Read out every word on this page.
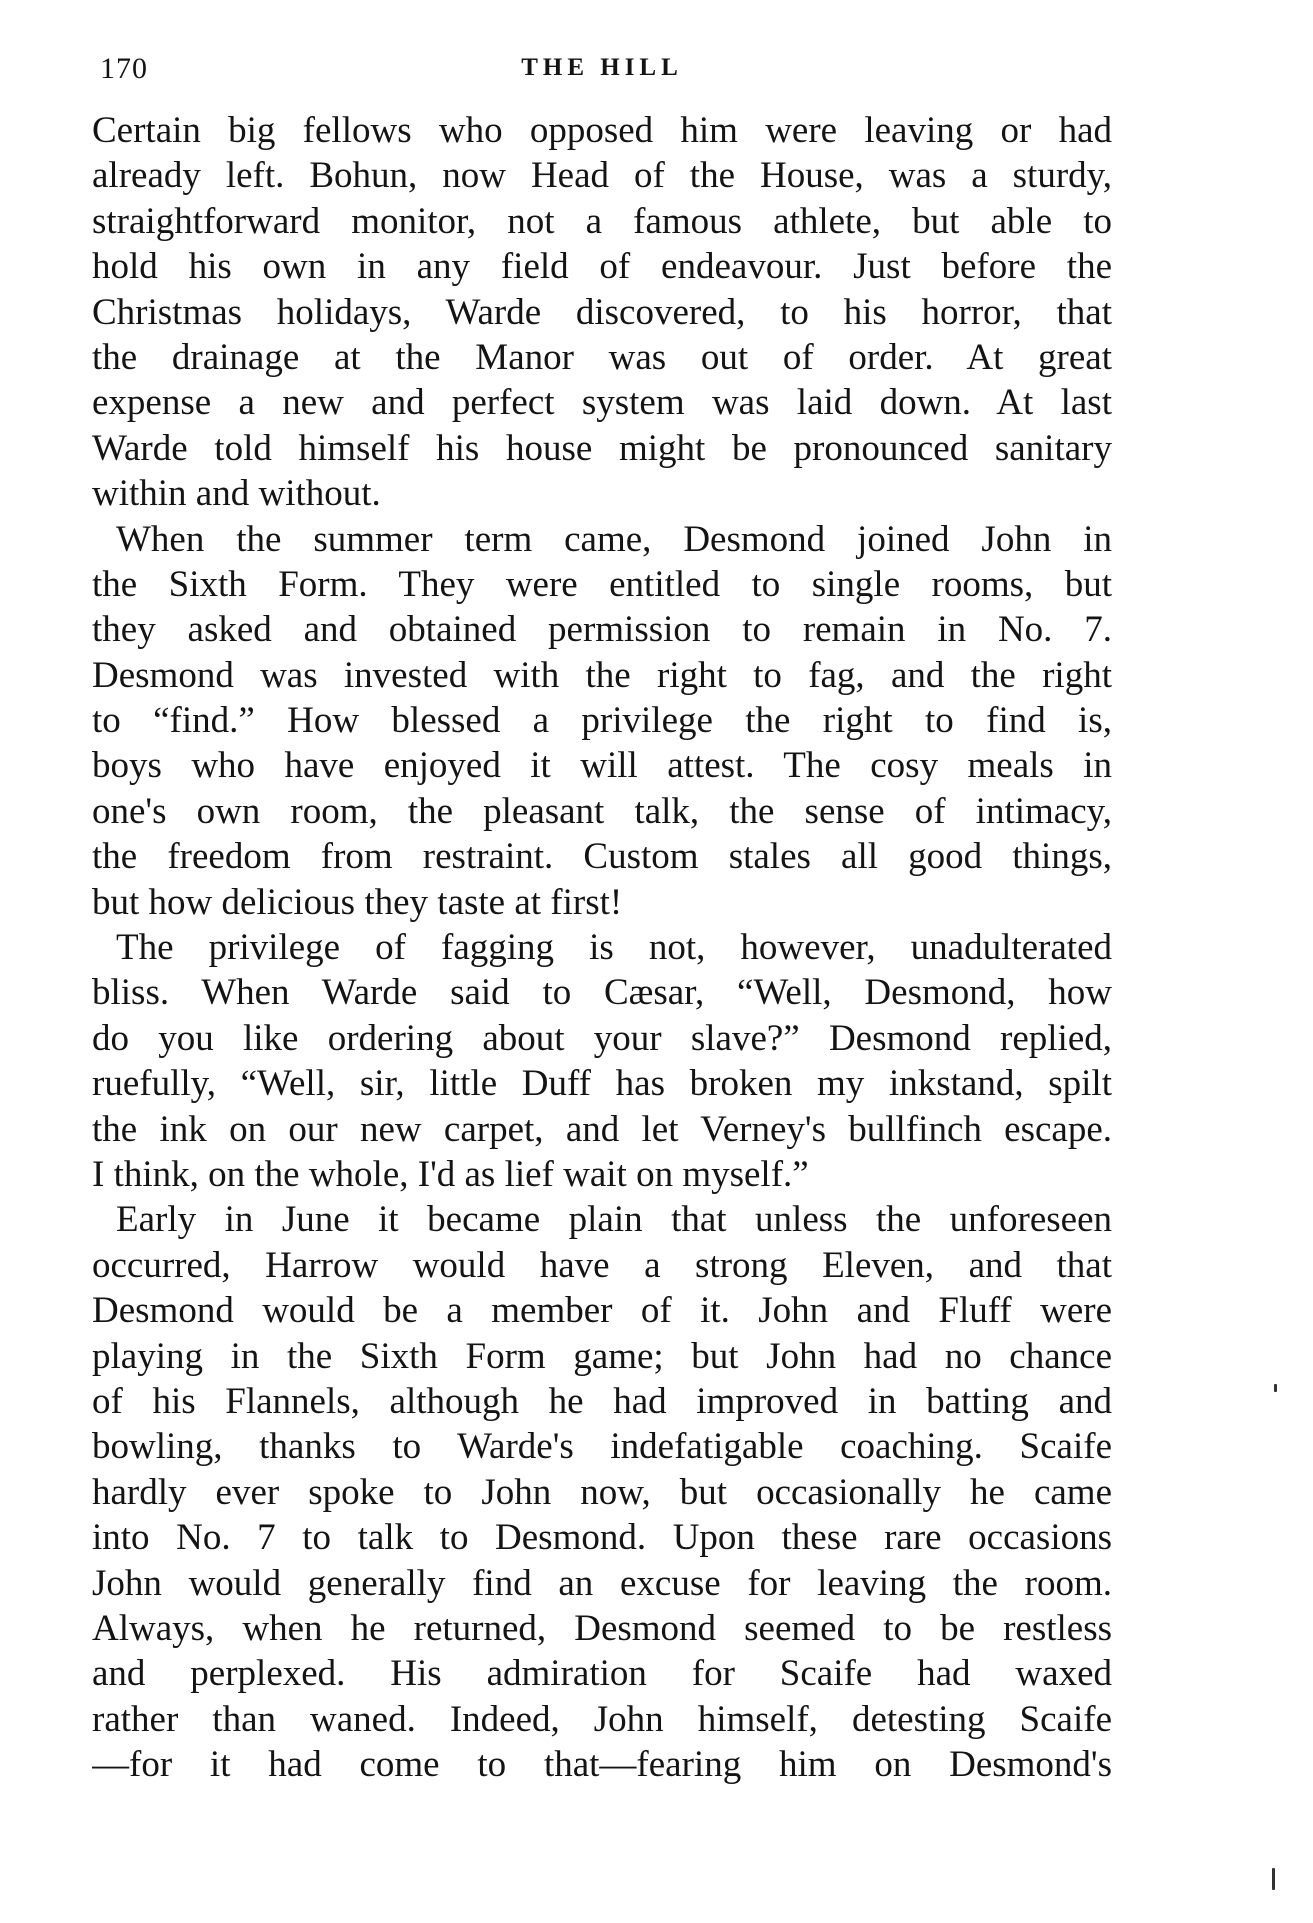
170	THE HILL
Certain big fellows who opposed him were leaving or had
already left. Bohun, now Head of the House, was a sturdy,
straightforward monitor, not a famous athlete, but able to
hold his own in any field of endeavour. Just before the
Christmas holidays, Warde discovered, to his horror, that
the drainage at the Manor was out of order. At great
expense a new and perfect system was laid down. At last
Warde told himself his house might be pronounced sanitary
within and without.
When the summer term came, Desmond joined John in
the Sixth Form. They were entitled to single rooms, but
they asked and obtained permission to remain in No. 7.
Desmond was invested with the right to fag, and the right
to “find.” How blessed a privilege the right to find is,
boys who have enjoyed it will attest. The cosy meals in
one's own room, the pleasant talk, the sense of intimacy,
the freedom from restraint. Custom stales all good things,
but how delicious they taste at first!
The privilege of fagging is not, however, unadulterated
bliss. When Warde said to Cæsar, “Well, Desmond, how
do you like ordering about your slave?” Desmond replied,
ruefully, “Well, sir, little Duff has broken my inkstand, spilt
the ink on our new carpet, and let Verney's bullfinch escape.
I think, on the whole, I'd as lief wait on myself.”
Early in June it became plain that unless the unforeseen
occurred, Harrow would have a strong Eleven, and that
Desmond would be a member of it. John and Fluff were
playing in the Sixth Form game; but John had no chance
of his Flannels, although he had improved in batting and
bowling, thanks to Warde's indefatigable coaching. Scaife
hardly ever spoke to John now, but occasionally he came
into No. 7 to talk to Desmond. Upon these rare occasions
John would generally find an excuse for leaving the room.
Always, when he returned, Desmond seemed to be restless
and perplexed. His admiration for Scaife had waxed
rather than waned. Indeed, John himself, detesting Scaife
—for it had come to that—fearing him on Desmond's
